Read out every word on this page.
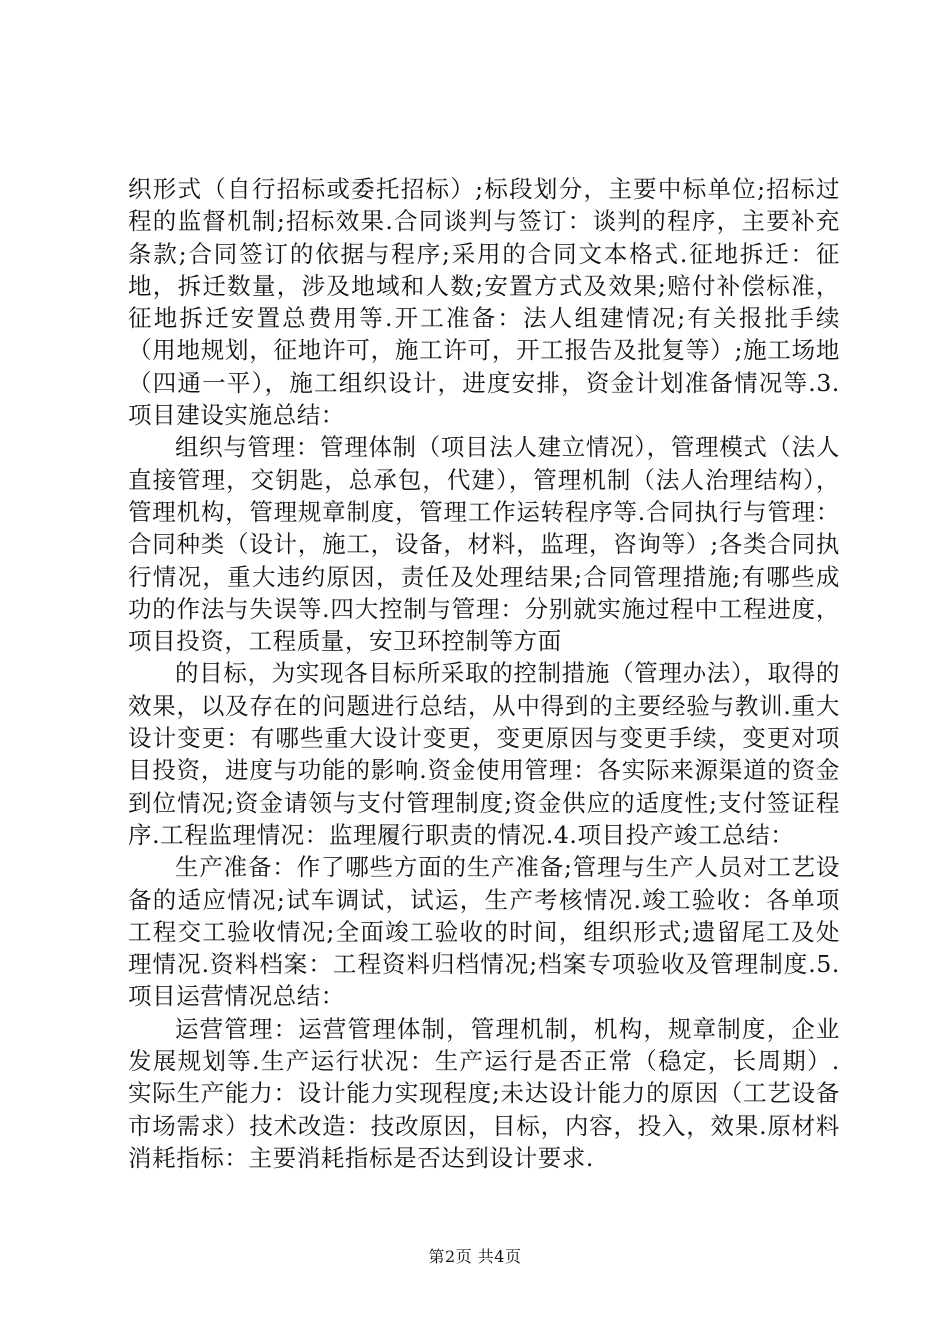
织形式（自行招标或委托招标）;标段划分，主要中标单位;招标过程的监督机制;招标效果.合同谈判与签订：谈判的程序，主要补充条款;合同签订的依据与程序;采用的合同文本格式.征地拆迁：征地，拆迁数量，涉及地域和人数;安置方式及效果;赔付补偿标准，征地拆迁安置总费用等.开工准备：法人组建情况;有关报批手续（用地规划，征地许可，施工许可，开工报告及批复等）;施工场地（四通一平），施工组织设计，进度安排，资金计划准备情况等.3.项目建设实施总结：

组织与管理：管理体制（项目法人建立情况），管理模式（法人直接管理，交钥匙，总承包，代建），管理机制（法人治理结构），管理机构，管理规章制度，管理工作运转程序等.合同执行与管理：合同种类（设计，施工，设备，材料，监理，咨询等）;各类合同执行情况，重大违约原因，责任及处理结果;合同管理措施;有哪些成功的作法与失误等.四大控制与管理：分别就实施过程中工程进度，项目投资，工程质量，安卫环控制等方面

的目标，为实现各目标所采取的控制措施（管理办法），取得的效果，以及存在的问题进行总结，从中得到的主要经验与教训.重大设计变更：有哪些重大设计变更，变更原因与变更手续，变更对项目投资，进度与功能的影响.资金使用管理：各实际来源渠道的资金到位情况;资金请领与支付管理制度;资金供应的适度性;支付签证程序.工程监理情况：监理履行职责的情况.4.项目投产竣工总结：

生产准备：作了哪些方面的生产准备;管理与生产人员对工艺设备的适应情况;试车调试，试运，生产考核情况.竣工验收：各单项工程交工验收情况;全面竣工验收的时间，组织形式;遗留尾工及处理情况.资料档案：工程资料归档情况;档案专项验收及管理制度.5.项目运营情况总结：

运营管理：运营管理体制，管理机制，机构，规章制度，企业发展规划等.生产运行状况：生产运行是否正常（稳定，长周期）.实际生产能力：设计能力实现程度;未达设计能力的原因（工艺设备市场需求）技术改造：技改原因，目标，内容，投入，效果.原材料消耗指标：主要消耗指标是否达到设计要求.

第2页 共4页
